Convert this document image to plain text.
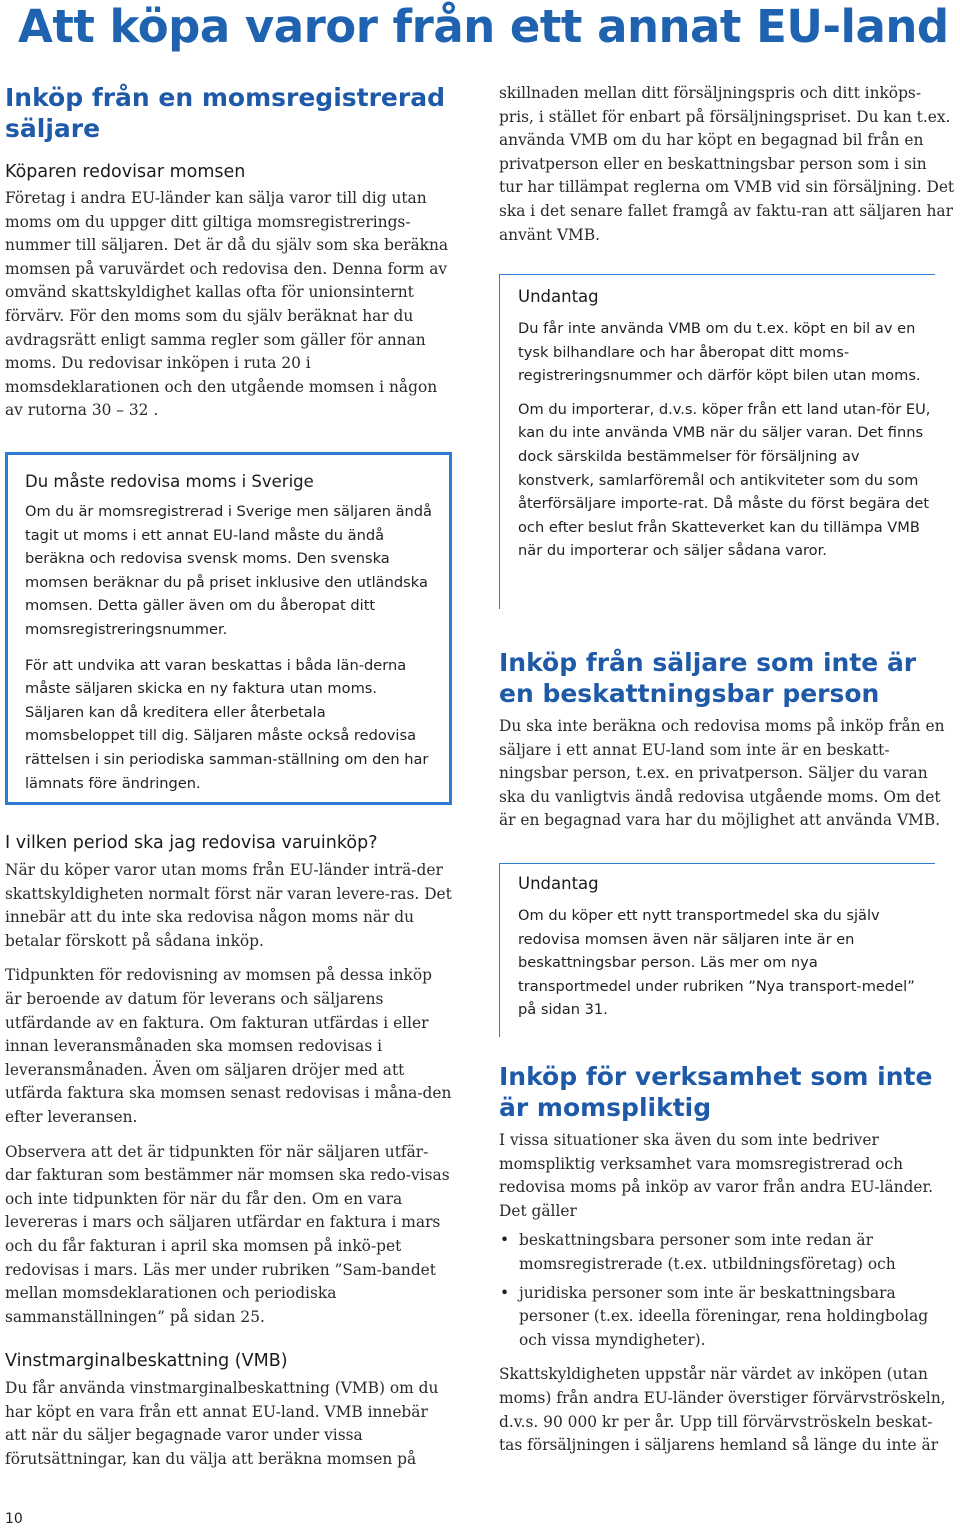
Att köpa varor från ett annat EU-land
Inköp från en momsregistrerad säljare
Köparen redovisar momsen

Företag i andra EU-länder kan sälja varor till dig utan moms om du uppger ditt giltiga momsregistrerings-nummer till säljaren. Det är då du själv som ska beräkna momsen på varuvärdet och redovisa den. Denna form av omvänd skattskyldighet kallas ofta för unionsinternt förvärv. För den moms som du själv beräknat har du avdragsrätt enligt samma regler som gäller för annan moms. Du redovisar inköpen i ruta 20 i momsdeklarationen och den utgående momsen i någon av rutorna 30 – 32 .

Du måste redovisa moms i Sverige

Om du är momsregistrerad i Sverige men säljaren ändå tagit ut moms i ett annat EU-land måste du ändå beräkna och redovisa svensk moms. Den svenska momsen beräknar du på priset inklusive den utländska momsen. Detta gäller även om du åberopat ditt momsregistreringsnummer.

För att undvika att varan beskattas i båda län-derna måste säljaren skicka en ny faktura utan moms. Säljaren kan då kreditera eller återbetala momsbeloppet till dig. Säljaren måste också redovisa rättelsen i sin periodiska samman-ställning om den har lämnats före ändringen.

I vilken period ska jag redovisa varuinköp?

När du köper varor utan moms från EU-länder inträ-der skattskyldigheten normalt först när varan levere-ras. Det innebär att du inte ska redovisa någon moms när du betalar förskott på sådana inköp.

Tidpunkten för redovisning av momsen på dessa inköp är beroende av datum för leverans och säljarens utfärdande av en faktura. Om fakturan utfärdas i eller innan leveransmånaden ska momsen redovisas i leveransmånaden. Även om säljaren dröjer med att utfärda faktura ska momsen senast redovisas i måna-den efter leveransen.

Observera att det är tidpunkten för när säljaren utfär-dar fakturan som bestämmer när momsen ska redo-visas och inte tidpunkten för när du får den. Om en vara levereras i mars och säljaren utfärdar en faktura i mars och du får fakturan i april ska momsen på inkö-pet redovisas i mars. Läs mer under rubriken ”Sam-bandet mellan momsdeklarationen och periodiska sammanställningen” på sidan 25.

Vinstmarginalbeskattning (VMB)

Du får använda vinstmarginalbeskattning (VMB) om du har köpt en vara från ett annat EU-land. VMB innebär att när du säljer begagnade varor under vissa förutsättningar, kan du välja att beräkna momsen på

skillnaden mellan ditt försäljningspris och ditt inköps-pris, i stället för enbart på försäljningspriset. Du kan t.ex. använda VMB om du har köpt en begagnad bil från en privatperson eller en beskattningsbar person som i sin tur har tillämpat reglerna om VMB vid sin försäljning. Det ska i det senare fallet framgå av faktu-ran att säljaren har använt VMB.

Undantag

Du får inte använda VMB om du t.ex. köpt en bil av en tysk bilhandlare och har åberopat ditt moms-registreringsnummer och därför köpt bilen utan moms.

Om du importerar, d.v.s. köper från ett land utan-för EU, kan du inte använda VMB när du säljer varan. Det finns dock särskilda bestämmelser för försäljning av konstverk, samlarföremål och antikviteter som du som återförsäljare importe-rat. Då måste du först begära det och efter beslut från Skatteverket kan du tillämpa VMB när du importerar och säljer sådana varor.

Inköp från säljare som inte är en beskattningsbar person

Du ska inte beräkna och redovisa moms på inköp från en säljare i ett annat EU-land som inte är en beskatt-ningsbar person, t.ex. en privatperson. Säljer du varan ska du vanligtvis ändå redovisa utgående moms. Om det är en begagnad vara har du möjlighet att använda VMB.

Undantag

Om du köper ett nytt transportmedel ska du själv redovisa momsen även när säljaren inte är en beskattningsbar person. Läs mer om nya transportmedel under rubriken ”Nya transport-medel” på sidan 31.

Inköp för verksamhet som inte är momspliktig

I vissa situationer ska även du som inte bedriver momspliktig verksamhet vara momsregistrerad och redovisa moms på inköp av varor från andra EU-länder. Det gäller

• beskattningsbara personer som inte redan är momsregistrerade (t.ex. utbildningsföretag) och
• juridiska personer som inte är beskattningsbara personer (t.ex. ideella föreningar, rena holdingbolag och vissa myndigheter).

Skattskyldigheten uppstår när värdet av inköpen (utan moms) från andra EU-länder överstiger förvärvströskeln, d.v.s. 90 000 kr per år. Upp till förvärvströskeln beskat-tas försäljningen i säljarens hemland så länge du inte är

10
